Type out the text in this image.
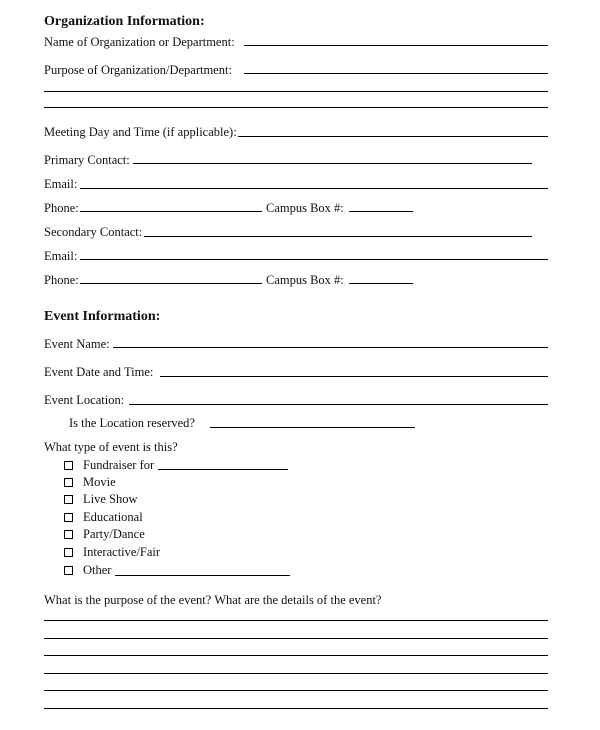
Organization Information:
Name of Organization or Department:
Purpose of Organization/Department:
Meeting Day and Time (if applicable):
Primary Contact:
Email:
Phone:	Campus Box #:
Secondary Contact:
Email:
Phone:	Campus Box #:
Event Information:
Event Name:
Event Date and Time:
Event Location:
Is the Location reserved?
What type of event is this?
Fundraiser for
Movie
Live Show
Educational
Party/Dance
Interactive/Fair
Other
What is the purpose of the event? What are the details of the event?
